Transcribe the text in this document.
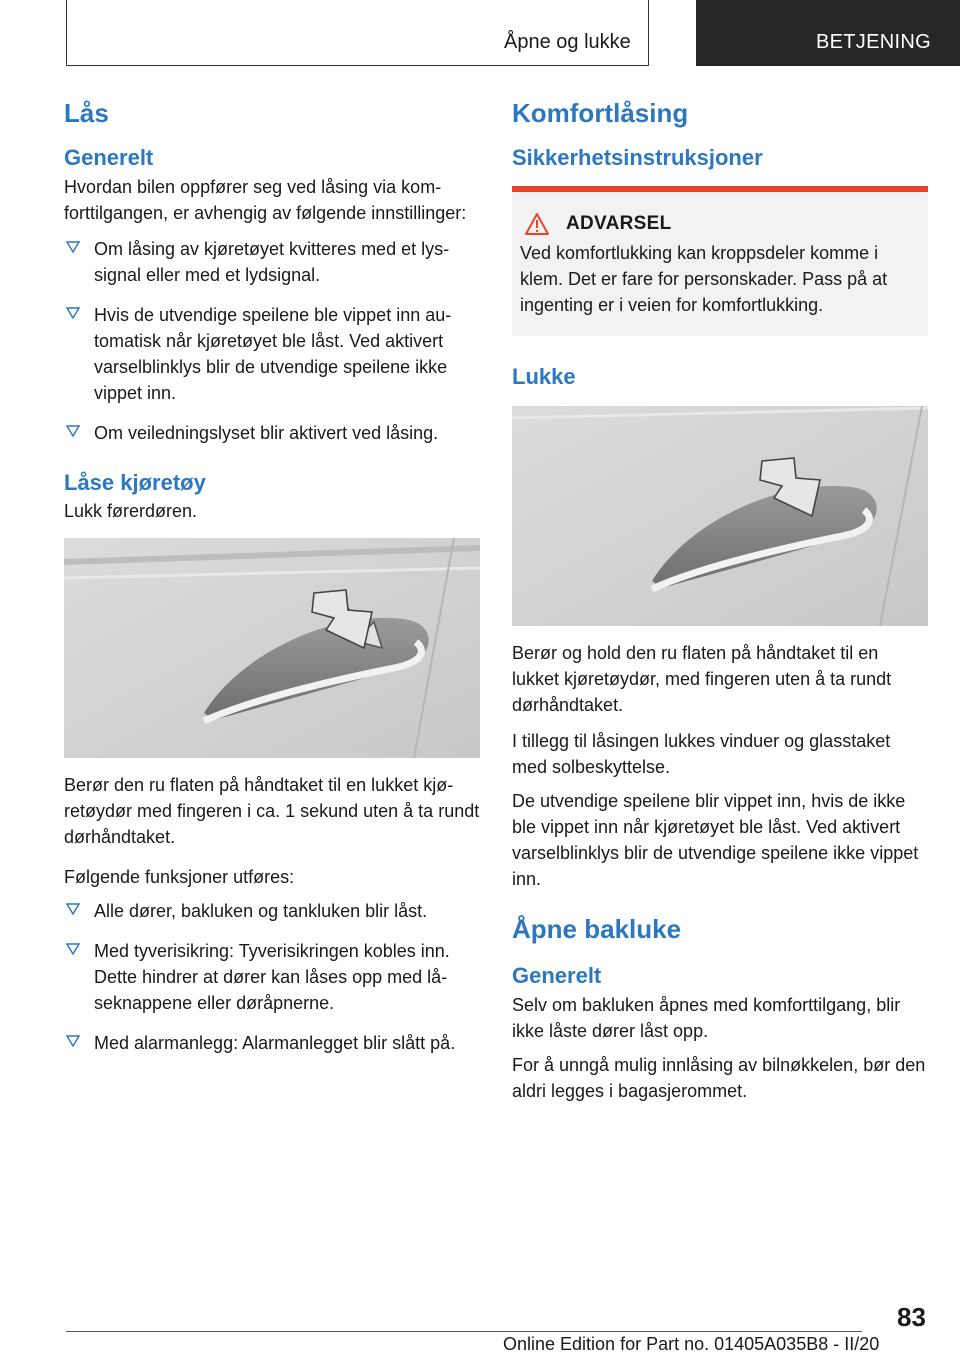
Åpne og lukke	BETJENING
Lås
Generelt

Hvordan bilen oppfører seg ved låsing via komforttilgangen, er avhengig av følgende innstillinger:

Om låsing av kjøretøyet kvitteres med et lyssignal eller med et lydsignal.
Hvis de utvendige speilene ble vippet inn automatisk når kjøretøyet ble låst. Ved aktivert varselblinklys blir de utvendige speilene ikke vippet inn.
Om veiledningslyset blir aktivert ved låsing.
Låse kjøretøy

Lukk førerdøren.

Berør den ru flaten på håndtaket til en lukket kjøretøydør med fingeren i ca. 1 sekund uten å ta rundt dørhåndtaket.

Følgende funksjoner utføres:

Alle dører, bakluken og tankluken blir låst.
Med tyverisikring: Tyverisikringen kobles inn. Dette hindrer at dører kan låses opp med låseknappene eller døråpnerne.
Med alarmanlegg: Alarmanlegget blir slått på.
Komfortlåsing
Sikkerhetsinstruksjoner
ADVARSEL

Ved komfortlukking kan kroppsdeler komme i klem. Det er fare for personskader. Pass på at ingenting er i veien for komfortlukking.

Lukke

Berør og hold den ru flaten på håndtaket til en lukket kjøretøydør, med fingeren uten å ta rundt dørhåndtaket.

I tillegg til låsingen lukkes vinduer og glasstaket med solbeskyttelse.

De utvendige speilene blir vippet inn, hvis de ikke ble vippet inn når kjøretøyet ble låst. Ved aktivert varselblinklys blir de utvendige speilene ikke vippet inn.

Åpne bakluke
Generelt

Selv om bakluken åpnes med komforttilgang, blir ikke låste dører låst opp.

For å unngå mulig innlåsing av bilnøkkelen, bør den aldri legges i bagasjerommet.

83
Online Edition for Part no. 01405A035B8 - II/20
